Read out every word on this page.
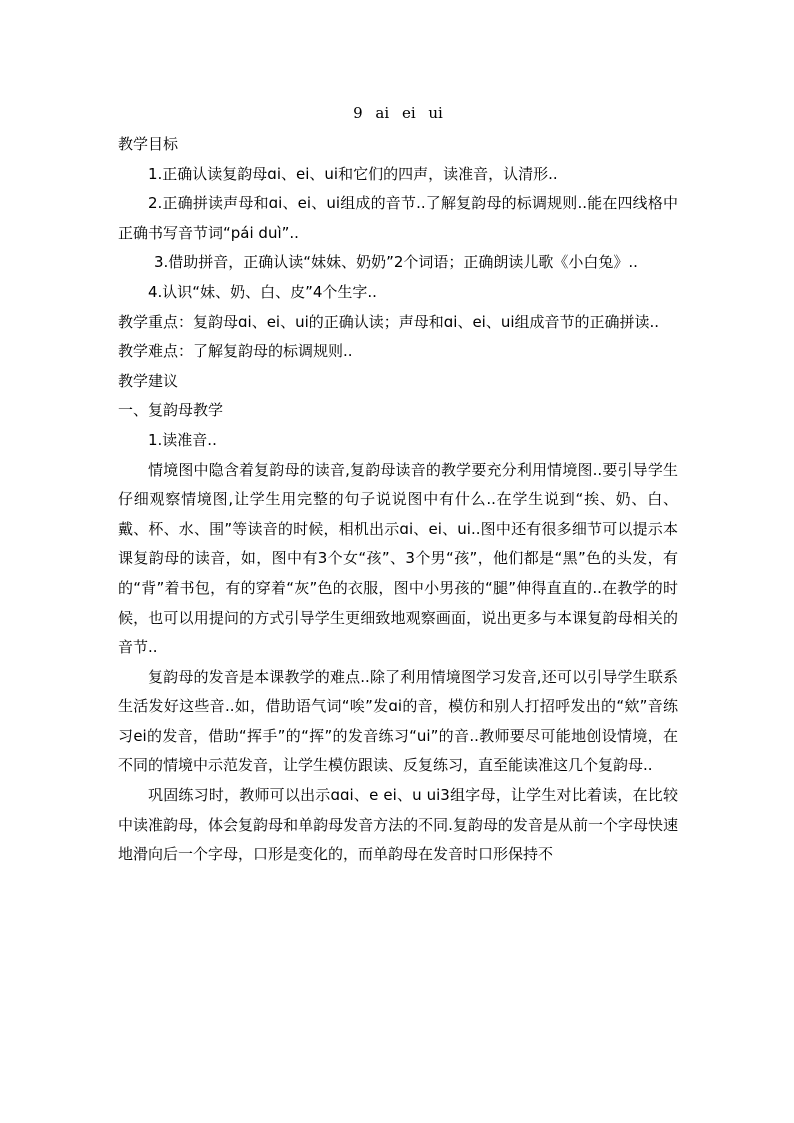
9 ai ei ui
教学目标
1.正确认读复韵母ɑi、ei、ui和它们的四声，读准音，认清形..
2.正确拼读声母和ɑi、ei、ui组成的音节..了解复韵母的标调规则..能在四线格中正确书写音节词“pái duì”..
3.借助拼音，正确认读“妹妹、奶奶”2个词语；正确朗读儿歌《小白兔》..
4.认识“妹、奶、白、皮”4个生字..
教学重点：复韵母ɑi、ei、ui的正确认读；声母和ɑi、ei、ui组成音节的正确拼读..
教学难点：了解复韵母的标调规则..
教学建议
一、复韵母教学
1.读准音..
情境图中隐含着复韵母的读音,复韵母读音的教学要充分利用情境图..要引导学生仔细观察情境图,让学生用完整的句子说说图中有什么..在学生说到“挨、奶、白、戴、杯、水、围”等读音的时候，相机出示ɑi、ei、ui..图中还有很多细节可以提示本课复韵母的读音，如，图中有3个女“孩”、3个男“孩”，他们都是“黑”色的头发，有的“背”着书包，有的穿着“灰”色的衣服，图中小男孩的“腿”伸得直直的..在教学的时候，也可以用提问的方式引导学生更细致地观察画面，说出更多与本课复韵母相关的音节..
复韵母的发音是本课教学的难点..除了利用情境图学习发音,还可以引导学生联系生活发好这些音..如，借助语气词“唉”发ɑi的音，模仿和别人打招呼发出的“欸”音练习ei的发音，借助“挥手”的“挥”的发音练习“ui”的音..教师要尽可能地创设情境，在不同的情境中示范发音，让学生模仿跟读、反复练习，直至能读准这几个复韵母..
巩固练习时，教师可以出示ɑɑi、e ei、u ui3组字母，让学生对比着读，在比较中读准韵母，体会复韵母和单韵母发音方法的不同.复韵母的发音是从前一个字母快速地滑向后一个字母，口形是变化的，而单韵母在发音时口形保持不
